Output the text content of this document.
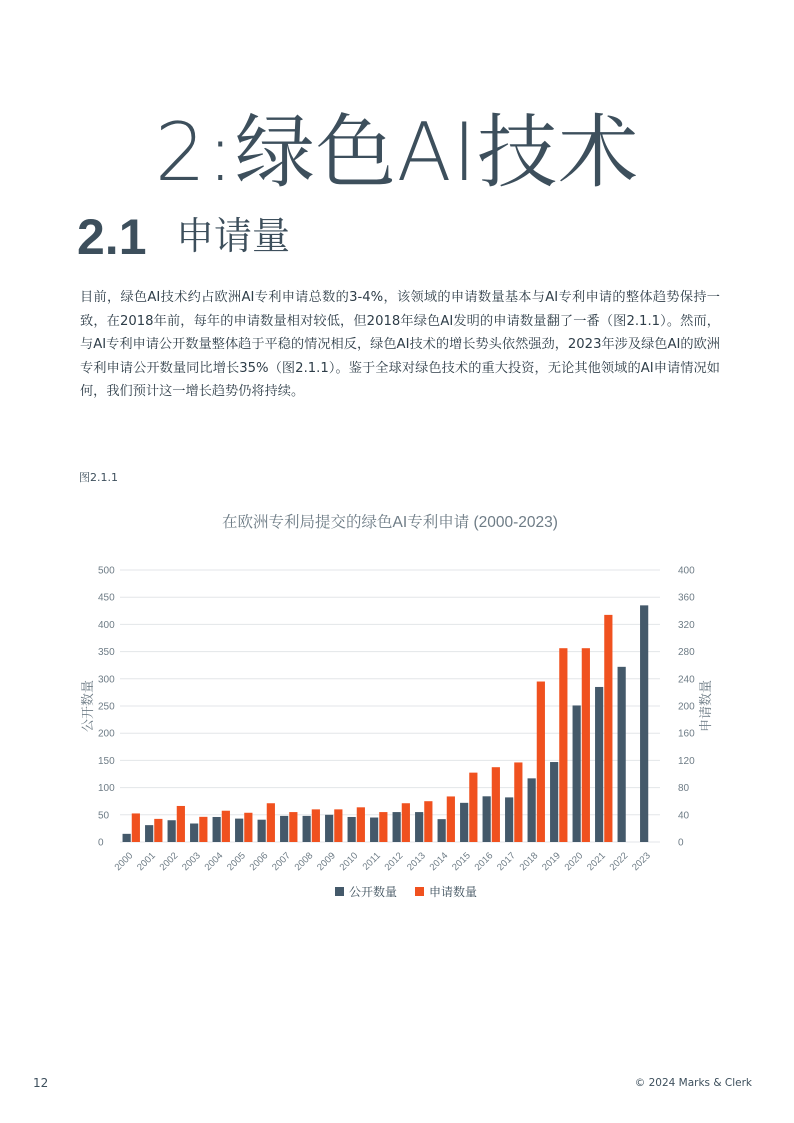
2:绿色AI技术
2.1 申请量
目前，绿色AI技术约占欧洲AI专利申请总数的3-4%，该领域的申请数量基本与AI专利申请的整体趋势保持一致，在2018年前，每年的申请数量相对较低，但2018年绿色AI发明的申请数量翻了一番（图2.1.1）。然而，与AI专利申请公开数量整体趋于平稳的情况相反，绿色AI技术的增长势头依然强劲，2023年涉及绿色AI的欧洲专利申请公开数量同比增长35%（图2.1.1）。鉴于全球对绿色技术的重大投资，无论其他领域的AI申请情况如何，我们预计这一增长趋势仍将持续。
图2.1.1
在欧洲专利局提交的绿色AI专利申请 (2000-2023)
0
50
100
150
200
250
300
350
400
450
500
0
40
80
120
160
200
240
280
320
360
400
公开数量	申请数量
2000 2001 2002 2003 2004 2005 2006 2007 2008 2009 2010 2011 2012 2013 2014 2015 2016 2017 2018 2019 2020 2021 2022 2023
公开数量	申请数量
12	© 2024 Marks & Clerk
